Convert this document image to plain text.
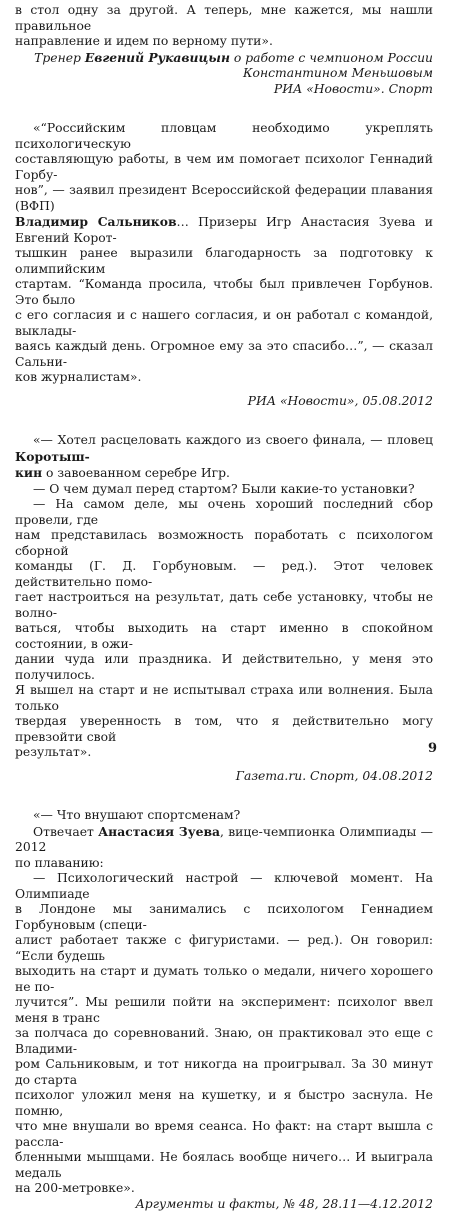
в стол одну за другой. А теперь, мне кажется, мы нашли правильное

направление и идем по верному пути».

Тренер Евгений Рукавицын о работе с чемпионом России
Константином Меньшовым
РИА «Новости». Спорт

«“Российским пловцам необходимо укреплять психологическую

составляющую работы, в чем им помогает психолог Геннадий Горбу-

нов”, — заявил президент Всероссийской федерации плавания (ВФП)

Владимир Сальников… Призеры Игр Анастасия Зуева и Евгений Корот-

тышкин ранее выразили благодарность за подготовку к олимпийским

стартам. “Команда просила, чтобы был привлечен Горбунов. Это было

с его согласия и с нашего согласия, и он работал с командой, выклады-

ваясь каждый день. Огромное ему за это спасибо…”, — сказал Сальни-

ков журналистам».

РИА «Новости», 05.08.2012

«— Хотел расцеловать каждого из своего финала, — пловец Коротыш-

кин о завоеванном серебре Игр.

— О чем думал перед стартом? Были какие-то установки?

— На самом деле, мы очень хороший последний сбор провели, где

нам представилась возможность поработать с психологом сборной

команды (Г. Д. Горбуновым. — ред.). Этот человек действительно помо-

гает настроиться на результат, дать себе установку, чтобы не волно-

ваться, чтобы выходить на старт именно в спокойном состоянии, в ожи-

дании чуда или праздника. И действительно, у меня это получилось.

Я вышел на старт и не испытывал страха или волнения. Была только

твердая уверенность в том, что я действительно могу превзойти свой

результат».

Газета.ru. Спорт, 04.08.2012

«— Что внушают спортсменам?

Отвечает Анастасия Зуева, вице-чемпионка Олимпиады — 2012

по плаванию:

— Психологический настрой — ключевой момент. На Олимпиаде

в Лондоне мы занимались с психологом Геннадием Горбуновым (специ-

алист работает также с фигуристами. — ред.). Он говорил: “Если будешь

выходить на старт и думать только о медали, ничего хорошего не по-

лучится”. Мы решили пойти на эксперимент: психолог ввел меня в транс

за полчаса до соревнований. Знаю, он практиковал это еще с Владими-

ром Сальниковым, и тот никогда на проигрывал. За 30 минут до старта

психолог уложил меня на кушетку, и я быстро заснула. Не помню,

что мне внушали во время сеанса. Но факт: на старт вышла с рассла-

бленными мышцами. Не боялась вообще ничего… И выиграла медаль

на 200-метровке».

Аргументы и факты, № 48, 28.11—4.12.2012
9
